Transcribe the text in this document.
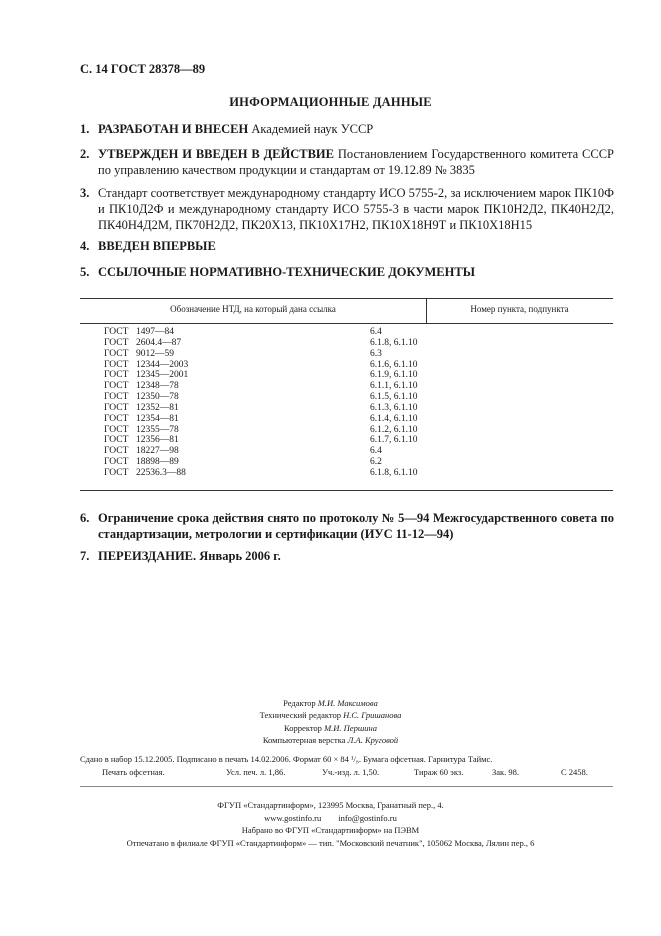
С. 14 ГОСТ 28378—89
ИНФОРМАЦИОННЫЕ ДАННЫЕ
1. РАЗРАБОТАН И ВНЕСЕН Академией наук УССР
2. УТВЕРЖДЕН И ВВЕДЕН В ДЕЙСТВИЕ Постановлением Государственного комитета СССР по управлению качеством продукции и стандартам от 19.12.89 № 3835
3. Стандарт соответствует международному стандарту ИСО 5755-2, за исключением марок ПК10Ф и ПК10Д2Ф и международному стандарту ИСО 5755-3 в части марок ПК10Н2Д2, ПК40Н2Д2, ПК40Н4Д2М, ПК70Н2Д2, ПК20Х13, ПК10Х17Н2, ПК10Х18Н9Т и ПК10Х18Н15
4. ВВЕДЕН ВПЕРВЫЕ
5. ССЫЛОЧНЫЕ НОРМАТИВНО-ТЕХНИЧЕСКИЕ ДОКУМЕНТЫ
Обозначение НТД, на который дана ссылка	Номер пункта, подпункта
ГОСТ 1497—84	6.4
ГОСТ 2604.4—87	6.1.8, 6.1.10
ГОСТ 9012—59	6.3
ГОСТ 12344—2003	6.1.6, 6.1.10
ГОСТ 12345—2001	6.1.9, 6.1.10
ГОСТ 12348—78	6.1.1, 6.1.10
ГОСТ 12350—78	6.1.5, 6.1.10
ГОСТ 12352—81	6.1.3, 6.1.10
ГОСТ 12354—81	6.1.4, 6.1.10
ГОСТ 12355—78	6.1.2, 6.1.10
ГОСТ 12356—81	6.1.7, 6.1.10
ГОСТ 18227—98	6.4
ГОСТ 18898—89	6.2
ГОСТ 22536.3—88	6.1.8, 6.1.10
6. Ограничение срока действия снято по протоколу № 5—94 Межгосударственного совета по стандартизации, метрологии и сертификации (ИУС 11-12—94)
7. ПЕРЕИЗДАНИЕ. Январь 2006 г.
Редактор М.И. Максимова
Технический редактор Н.С. Гришанова
Корректор М.И. Першина
Компьютерная верстка Л.А. Круговой
Сдано в набор 15.12.2005. Подписано в печать 14.02.2006. Формат 60 × 84 ¹/₈. Бумага офсетная. Гарнитура Таймс.
Печать офсетная.	Усл. печ. л. 1,86.	Уч.-изд. л. 1,50.	Тираж 60 экз.	Зак. 98.	С 2458.
ФГУП «Стандартинформ», 123995 Москва, Гранатный пер., 4.
www.gostinfo.ru info@gostinfo.ru
Набрано во ФГУП «Стандартинформ» на ПЭВМ
Отпечатано в филиале ФГУП «Стандартинформ» — тип. "Московский печатник", 105062 Москва, Лялин пер., 6
